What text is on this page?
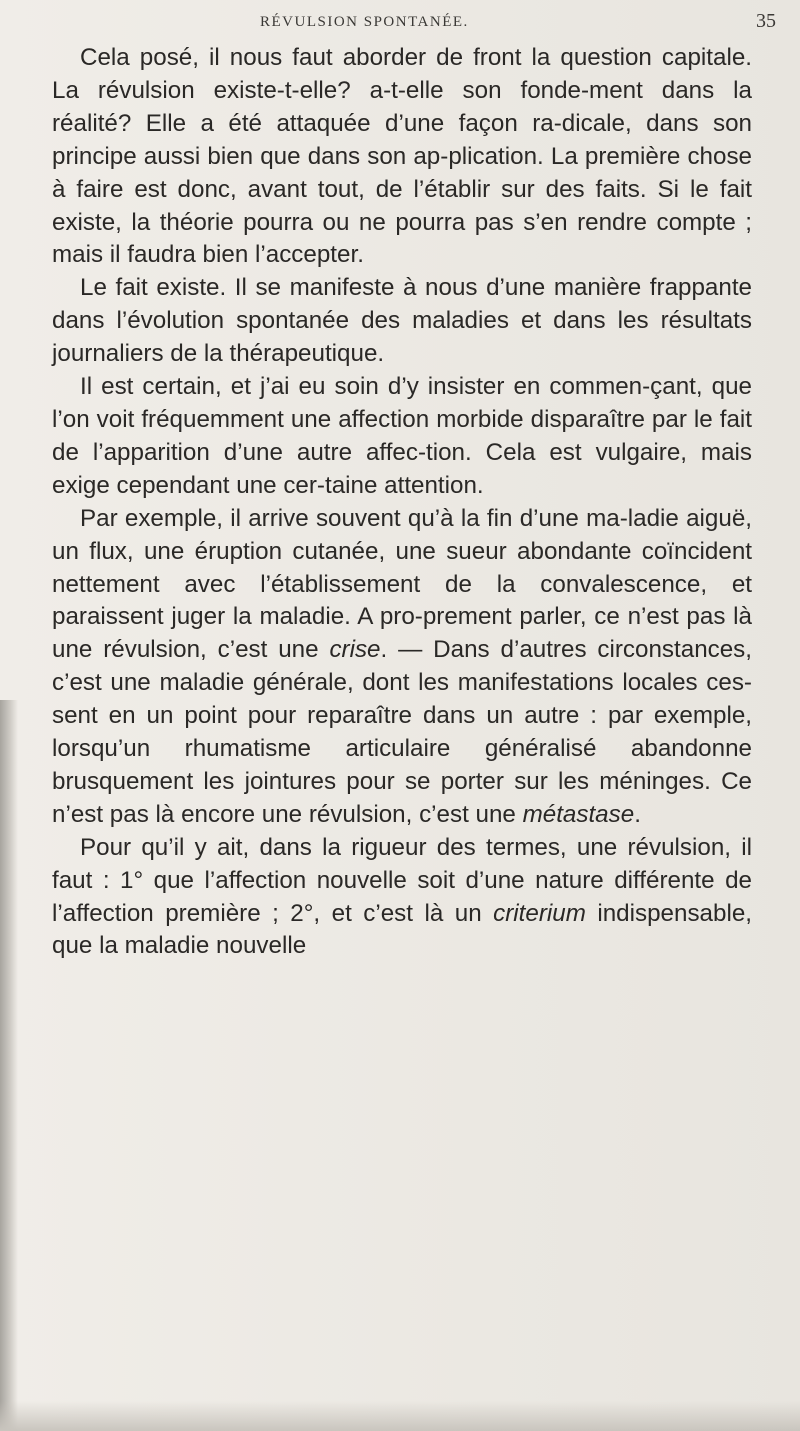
RÉVULSION SPONTANÉE.	35

Cela posé, il nous faut aborder de front la question capitale. La révulsion existe-t-elle? a-t-elle son fonde-ment dans la réalité? Elle a été attaquée d’une façon ra-dicale, dans son principe aussi bien que dans son ap-plication. La première chose à faire est donc, avant tout, de l’établir sur des faits. Si le fait existe, la théorie pourra ou ne pourra pas s’en rendre compte ; mais il faudra bien l’accepter.

Le fait existe. Il se manifeste à nous d’une manière frappante dans l’évolution spontanée des maladies et dans les résultats journaliers de la thérapeutique.

Il est certain, et j’ai eu soin d’y insister en commen-çant, que l’on voit fréquemment une affection morbide disparaître par le fait de l’apparition d’une autre affec-tion. Cela est vulgaire, mais exige cependant une cer-taine attention.

Par exemple, il arrive souvent qu’à la fin d’une ma-ladie aiguë, un flux, une éruption cutanée, une sueur abondante coïncident nettement avec l’établissement de la convalescence, et paraissent juger la maladie. A pro-prement parler, ce n’est pas là une révulsion, c’est une crise. — Dans d’autres circonstances, c’est une maladie générale, dont les manifestations locales ces-sent en un point pour reparaître dans un autre : par exemple, lorsqu’un rhumatisme articulaire généralisé abandonne brusquement les jointures pour se porter sur les méninges. Ce n’est pas là encore une révulsion, c’est une métastase.

Pour qu’il y ait, dans la rigueur des termes, une révulsion, il faut : 1° que l’affection nouvelle soit d’une nature différente de l’affection première ; 2°, et c’est là un criterium indispensable, que la maladie nouvelle
